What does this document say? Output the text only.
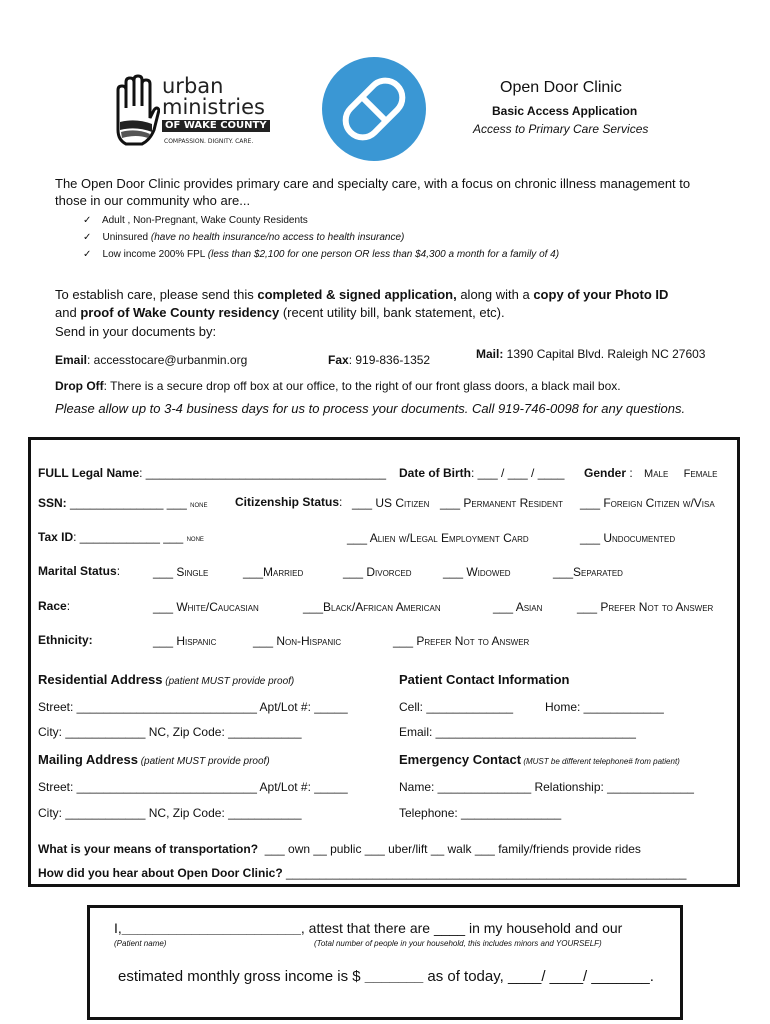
urban
ministries
OF WAKE COUNTY
COMPASSION. DIGNITY. CARE.
Open Door Clinic
Basic Access Application
Access to Primary Care Services
The Open Door Clinic provides primary care and specialty care, with a focus on chronic illness management to
those in our community who are...
✓ Adult , Non-Pregnant, Wake County Residents
✓ Uninsured (have no health insurance/no access to health insurance)
✓ Low income 200% FPL (less than $2,100 for one person OR less than $4,300 a month for a family of 4)
To establish care, please send this completed & signed application, along with a copy of your Photo ID
and proof of Wake County residency (recent utility bill, bank statement, etc).
Send in your documents by:
Email: accesstocare@urbanmin.org	Fax: 919-836-1352	Mail: 1390 Capital Blvd. Raleigh NC 27603
Drop Off: There is a secure drop off box at our office, to the right of our front glass doors, a black mail box.
Please allow up to 3-4 business days for us to process your documents. Call 919-746-0098 for any questions.
FULL Legal Name: ____________________________________ Date of Birth: ___ / ___ / ____ Gender : Male Female
SSN: ______________ ___ none Citizenship Status: ___ US Citizen ___ Permanent Resident ___ Foreign Citizen w/Visa
Tax ID: ____________ ___ none	___ Alien w/Legal Employment Card	___ Undocumented
Marital Status:	___ Single	___Married	___ Divorced	___ Widowed	___Separated
Race:	___ White/Caucasian	___Black/African American	___ Asian	___ Prefer Not to Answer
Ethnicity:	___ Hispanic	___ Non-Hispanic	___ Prefer Not to Answer
Residential Address (patient MUST provide proof)	Patient Contact Information
Street: ___________________________ Apt/Lot #: _____	Cell: _____________	Home: ____________
City: ____________ NC, Zip Code: ___________	Email: ______________________________
Mailing Address (patient MUST provide proof)	Emergency Contact (MUST be different telephone# from patient)
Street: ___________________________ Apt/Lot #: _____	Name: ______________ Relationship: _____________
City: ____________ NC, Zip Code: ___________	Telephone: _______________
What is your means of transportation? ___ own __ public ___ uber/lift __ walk ___ family/friends provide rides
How did you hear about Open Door Clinic? ____________________________________________________________
I,_______________________, attest that there are ____ in my household and our
(Patient name)	(Total number of people in your household, this includes minors and YOURSELF)
estimated monthly gross income is $ _______ as of today, ____/ ____/ _______.
